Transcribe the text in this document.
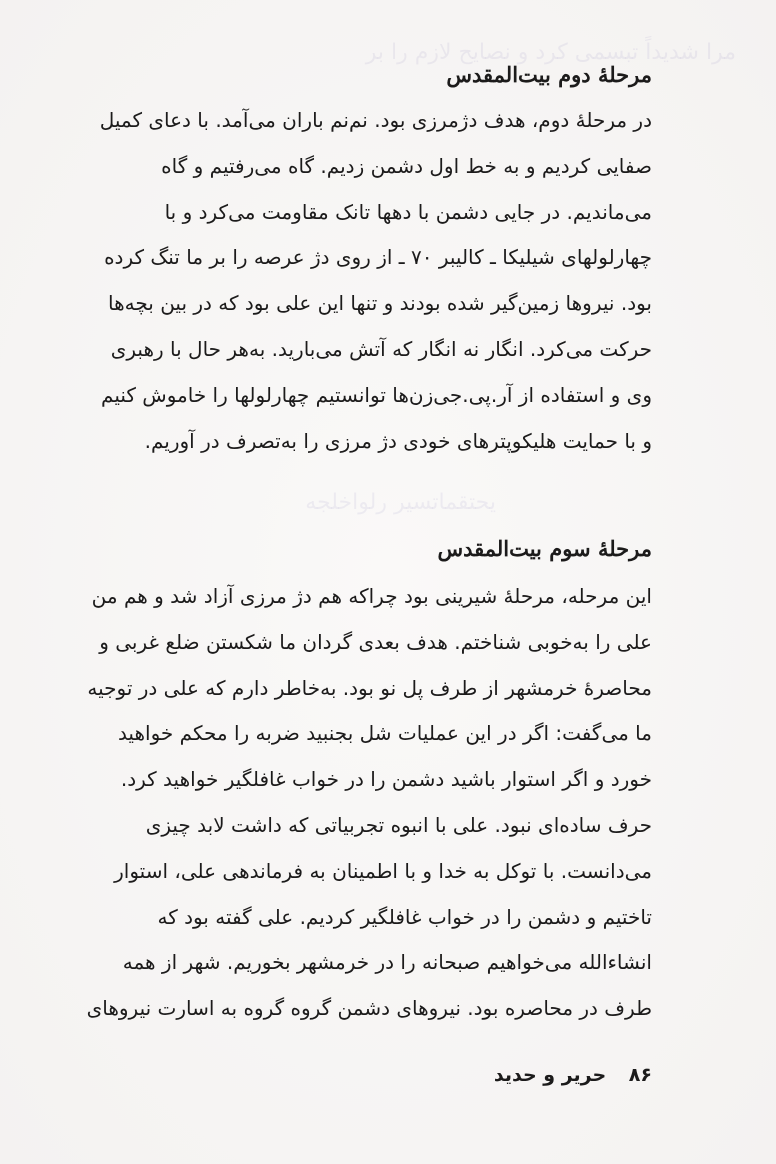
مرا شدیداً تبسمی کرد و نصایح لازم را بر
یحتقماتسیر رلواخلجه
مرحلهٔ دوم بیت‌المقدس
در مرحلهٔ دوم، هدف دژمرزی بود. نم‌نم باران می‌آمد. با دعای کمیل
صفایی کردیم و به خط اول دشمن زدیم. گاه می‌رفتیم و گاه
می‌ماندیم. در جایی دشمن با دهها تانک مقاومت می‌کرد و با
چهارلولهای شیلیکا ـ کالیبر ۷۰ ـ از روی دژ عرصه را بر ما تنگ کرده
بود. نیروها زمین‌گیر شده بودند و تنها این علی بود که در بین بچه‌ها
حرکت می‌کرد. انگار نه انگار که آتش می‌بارید. به‌هر حال با رهبری
وی و استفاده از آر.پی.جی‌زن‌ها توانستیم چهارلولها را خاموش کنیم
و با حمایت هلیکوپترهای خودی دژ مرزی را به‌تصرف در آوریم.
مرحلهٔ سوم بیت‌المقدس
این مرحله، مرحلهٔ شیرینی بود چراکه هم دژ مرزی آزاد شد و هم من
علی را به‌خوبی شناختم. هدف بعدی گردان ما شکستن ضلع غربی و
محاصرهٔ خرمشهر از طرف پل نو بود. به‌خاطر دارم که علی در توجیه
ما می‌گفت: اگر در این عملیات شل بجنبید ضربه را محکم خواهید
خورد و اگر استوار باشید دشمن را در خواب غافلگیر خواهید کرد.
حرف ساده‌ای نبود. علی با انبوه تجربیاتی که داشت لابد چیزی
می‌دانست. با توکل به خدا و با اطمینان به فرماندهی علی، استوار
تاختیم و دشمن را در خواب غافلگیر کردیم. علی گفته بود که
انشاءالله می‌خواهیم صبحانه را در خرمشهر بخوریم. شهر از همه
طرف در محاصره بود. نیروهای دشمن گروه گروه به اسارت نیروهای
۸۶ حریر و حدید
